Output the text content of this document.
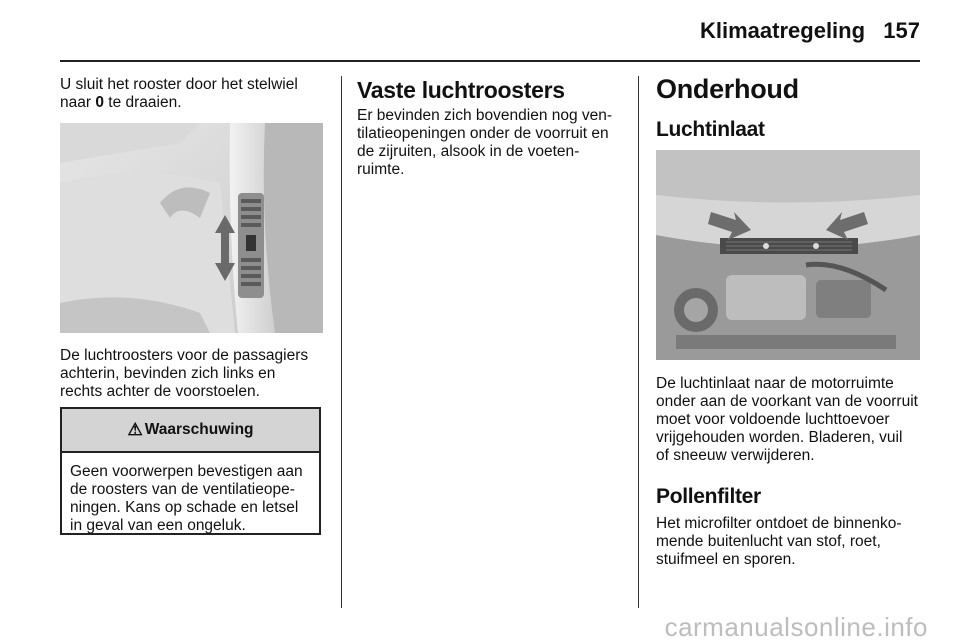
Klimaatregeling 157

U sluit het rooster door het stelwiel

naar 0 te draaien.

De luchtroosters voor de passagiers

achterin, bevinden zich links en

rechts achter de voorstoelen.

⚠ Waarschuwing
Geen voorwerpen bevestigen aan
de roosters van de ventilatieope-
ningen. Kans op schade en letsel
in geval van een ongeluk.

Vaste luchtroosters

Er bevinden zich bovendien nog ven-

tilatieopeningen onder de voorruit en

de zijruiten, alsook in de voeten-

ruimte.

Onderhoud

Luchtinlaat

De luchtinlaat naar de motorruimte

onder aan de voorkant van de voorruit

moet voor voldoende luchttoevoer

vrijgehouden worden. Bladeren, vuil

of sneeuw verwijderen.

Pollenfilter

Het microfilter ontdoet de binnenko-

mende buitenlucht van stof, roet,

stuifmeel en sporen.

carmanualsonline.info
